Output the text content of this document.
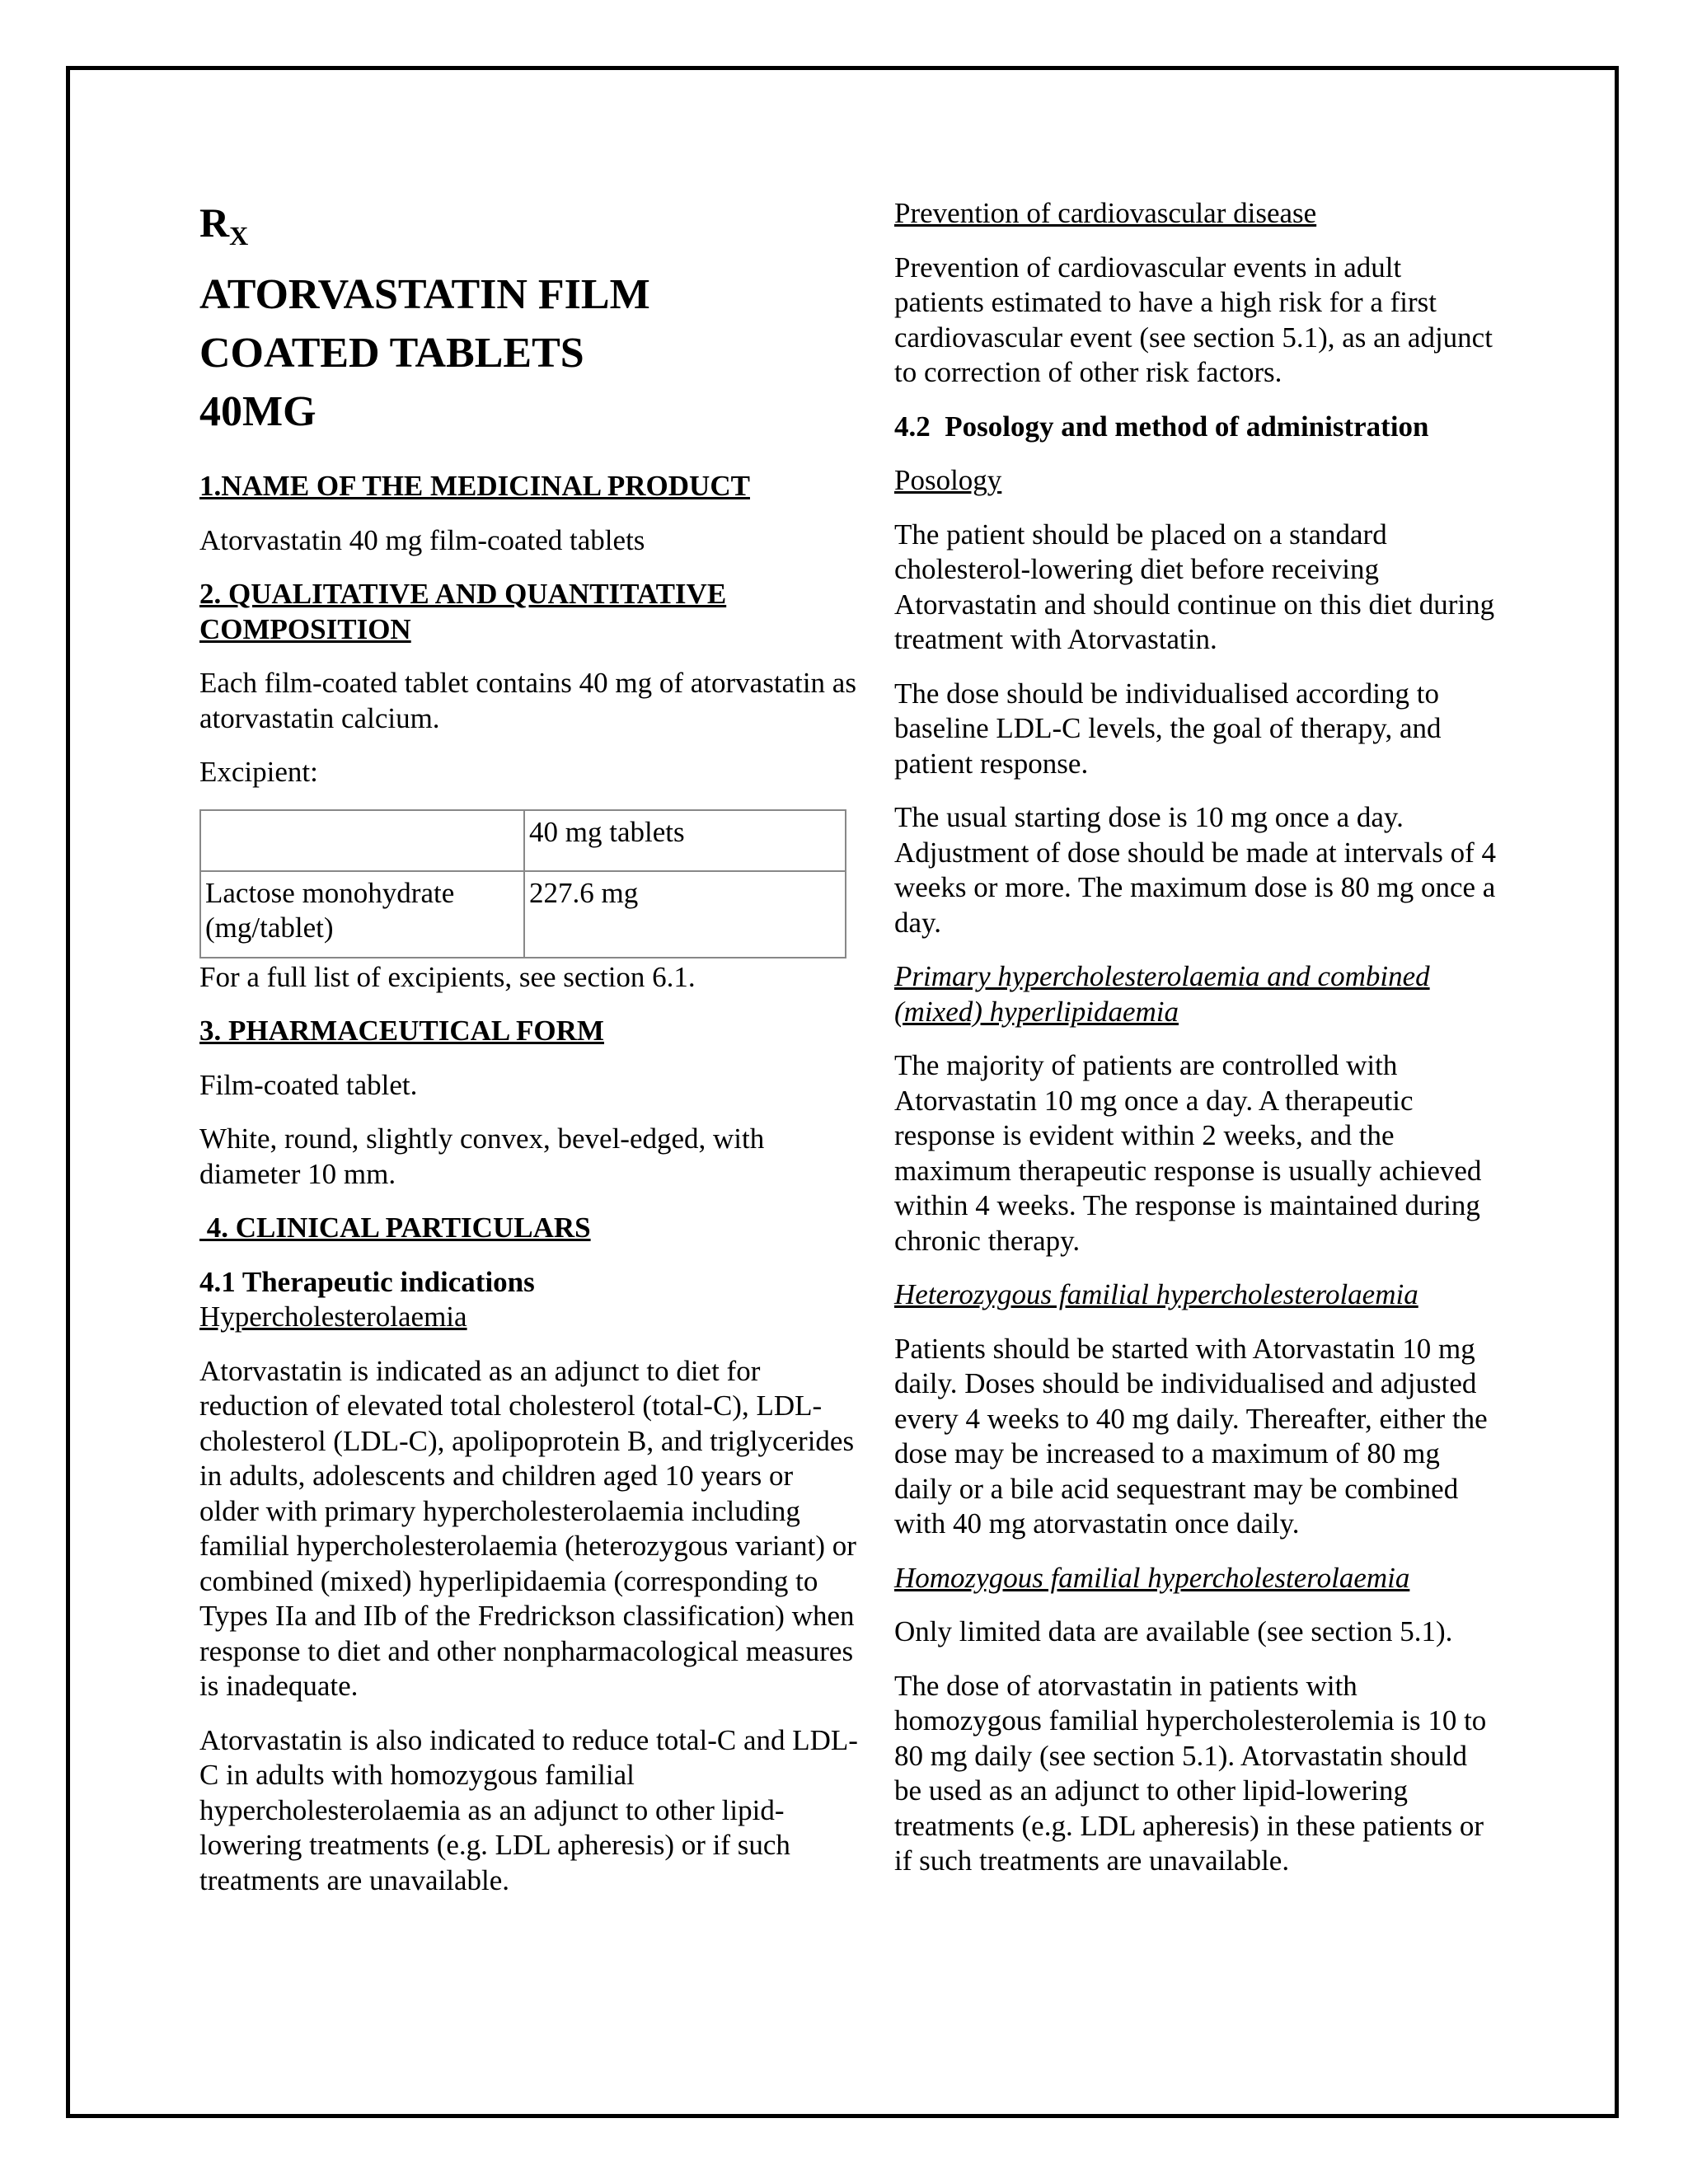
$R_X$
ATORVASTATIN FILM
COATED TABLETS
40MG

1.NAME OF THE MEDICINAL PRODUCT

Atorvastatin 40 mg film-coated tablets

2. QUALITATIVE AND QUANTITATIVE
COMPOSITION

Each film-coated tablet contains 40 mg of atorvastatin as atorvastatin calcium.

Excipient:

	40 mg tablets
Lactose monohydrate (mg/tablet)	227.6 mg

For a full list of excipients, see section 6.1.

3. PHARMACEUTICAL FORM

Film-coated tablet.

White, round, slightly convex, bevel-edged, with diameter 10 mm.

4. CLINICAL PARTICULARS

4.1 Therapeutic indications

Hypercholesterolaemia

Atorvastatin is indicated as an adjunct to diet for reduction of elevated total cholesterol (total-C), LDL-cholesterol (LDL-C), apolipoprotein B, and triglycerides in adults, adolescents and children aged 10 years or older with primary hypercholesterolaemia including familial hypercholesterolaemia (heterozygous variant) or combined (mixed) hyperlipidaemia (corresponding to Types IIa and IIb of the Fredrickson classification) when response to diet and other nonpharmacological measures is inadequate.

Atorvastatin is also indicated to reduce total-C and LDL-C in adults with homozygous familial hypercholesterolaemia as an adjunct to other lipid-lowering treatments (e.g. LDL apheresis) or if such treatments are unavailable.

Prevention of cardiovascular disease

Prevention of cardiovascular events in adult patients estimated to have a high risk for a first cardiovascular event (see section 5.1), as an adjunct to correction of other risk factors.

4.2  Posology and method of administration

Posology

The patient should be placed on a standard cholesterol-lowering diet before receiving Atorvastatin and should continue on this diet during treatment with Atorvastatin.

The dose should be individualised according to baseline LDL-C levels, the goal of therapy, and patient response.

The usual starting dose is 10 mg once a day. Adjustment of dose should be made at intervals of 4 weeks or more. The maximum dose is 80 mg once a day.

Primary hypercholesterolaemia and combined (mixed) hyperlipidaemia

The majority of patients are controlled with Atorvastatin 10 mg once a day. A therapeutic response is evident within 2 weeks, and the maximum therapeutic response is usually achieved within 4 weeks. The response is maintained during chronic therapy.

Heterozygous familial hypercholesterolaemia

Patients should be started with Atorvastatin 10 mg daily. Doses should be individualised and adjusted every 4 weeks to 40 mg daily. Thereafter, either the dose may be increased to a maximum of 80 mg daily or a bile acid sequestrant may be combined with 40 mg atorvastatin once daily.

Homozygous familial hypercholesterolaemia

Only limited data are available (see section 5.1).

The dose of atorvastatin in patients with homozygous familial hypercholesterolemia is 10 to 80 mg daily (see section 5.1). Atorvastatin should be used as an adjunct to other lipid-lowering treatments (e.g. LDL apheresis) in these patients or if such treatments are unavailable.
